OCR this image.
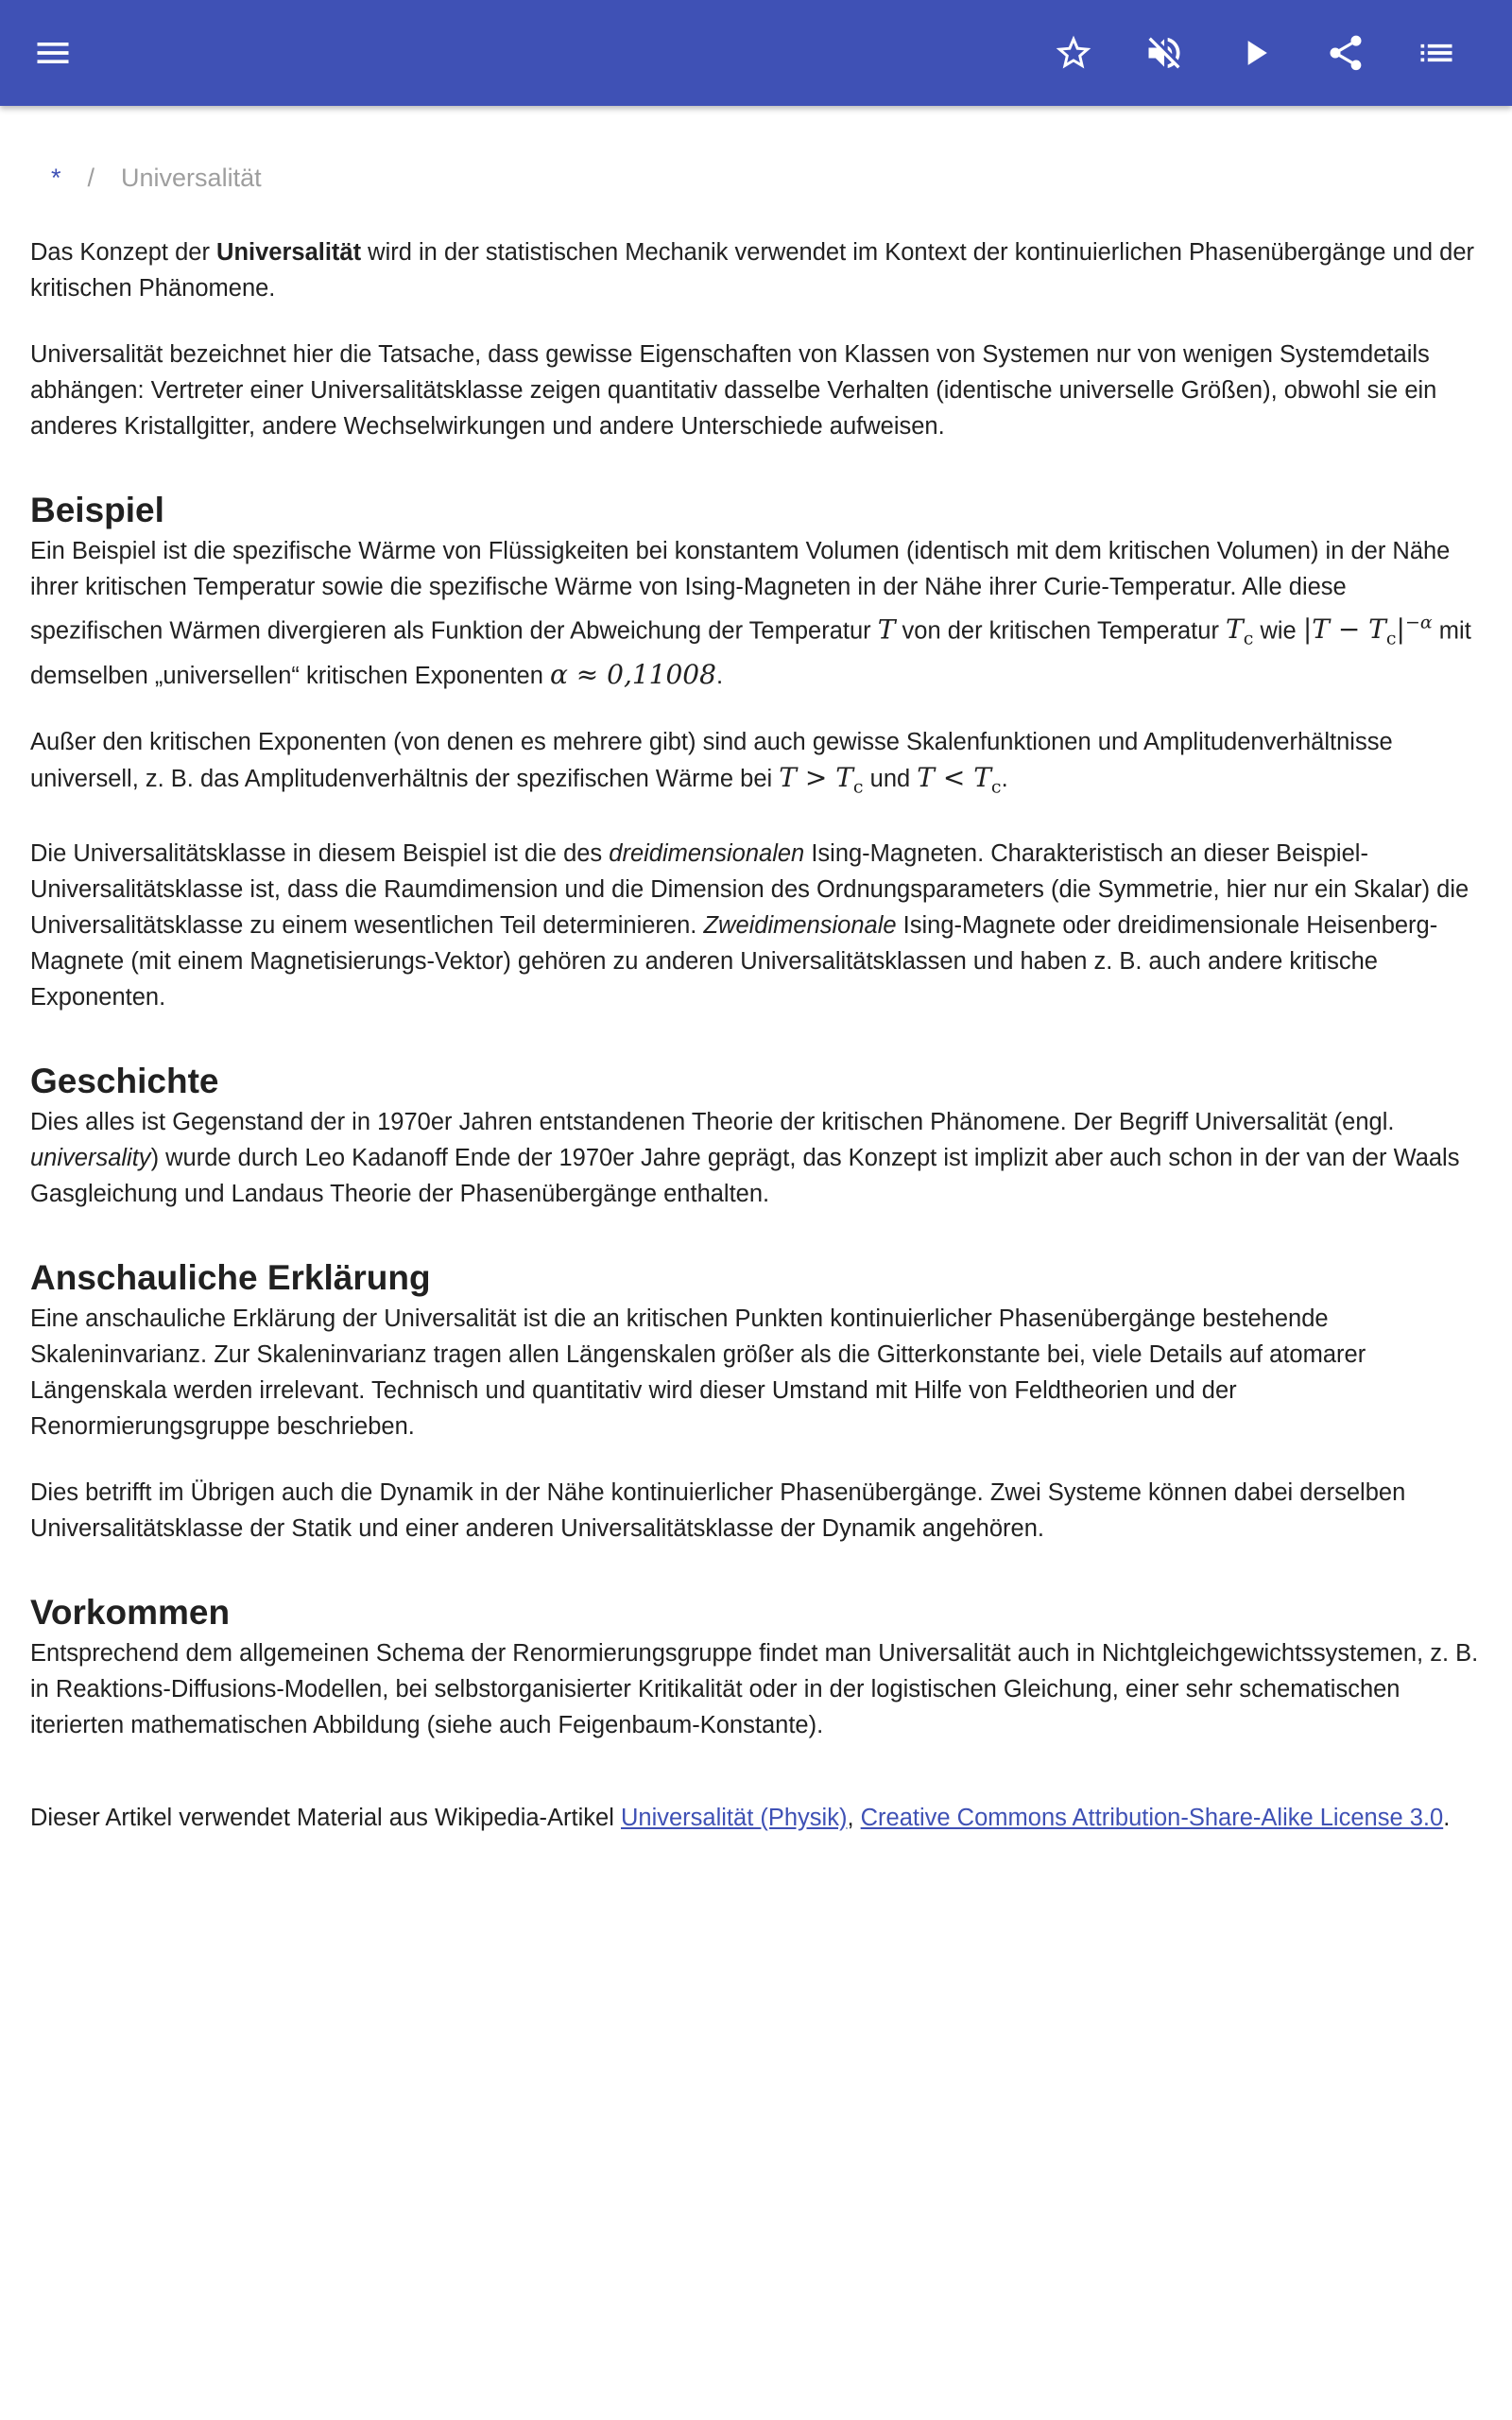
* / Universalität

Das Konzept der Universalität wird in der statistischen Mechanik verwendet im Kontext der kontinuierlichen Phasenübergänge und der kritischen Phänomene.

Universalität bezeichnet hier die Tatsache, dass gewisse Eigenschaften von Klassen von Systemen nur von wenigen Systemdetails abhängen: Vertreter einer Universalitätsklasse zeigen quantitativ dasselbe Verhalten (identische universelle Größen), obwohl sie ein anderes Kristallgitter, andere Wechselwirkungen und andere Unterschiede aufweisen.

Beispiel

Ein Beispiel ist die spezifische Wärme von Flüssigkeiten bei konstantem Volumen (identisch mit dem kritischen Volumen) in der Nähe ihrer kritischen Temperatur sowie die spezifische Wärme von Ising-Magneten in der Nähe ihrer Curie-Temperatur. Alle diese spezifischen Wärmen divergieren als Funktion der Abweichung der Temperatur T von der kritischen Temperatur $T_c$ wie $|T - T_c|^{-\alpha}$ mit demselben „universellen“ kritischen Exponenten α ≈ 0,11008.

Außer den kritischen Exponenten (von denen es mehrere gibt) sind auch gewisse Skalenfunktionen und Amplitudenverhältnisse universell, z. B. das Amplitudenverhältnis der spezifischen Wärme bei $T > T_c$ und $T < T_c$.

Die Universalitätsklasse in diesem Beispiel ist die des dreidimensionalen Ising-Magneten. Charakteristisch an dieser Beispiel-Universalitätsklasse ist, dass die Raumdimension und die Dimension des Ordnungsparameters (die Symmetrie, hier nur ein Skalar) die Universalitätsklasse zu einem wesentlichen Teil determinieren. Zweidimensionale Ising-Magnete oder dreidimensionale Heisenberg-Magnete (mit einem Magnetisierungs-Vektor) gehören zu anderen Universalitätsklassen und haben z. B. auch andere kritische Exponenten.

Geschichte

Dies alles ist Gegenstand der in 1970er Jahren entstandenen Theorie der kritischen Phänomene. Der Begriff Universalität (engl. universality) wurde durch Leo Kadanoff Ende der 1970er Jahre geprägt, das Konzept ist implizit aber auch schon in der van der Waals Gasgleichung und Landaus Theorie der Phasenübergänge enthalten.

Anschauliche Erklärung

Eine anschauliche Erklärung der Universalität ist die an kritischen Punkten kontinuierlicher Phasenübergänge bestehende Skaleninvarianz. Zur Skaleninvarianz tragen allen Längenskalen größer als die Gitterkonstante bei, viele Details auf atomarer Längenskala werden irrelevant. Technisch und quantitativ wird dieser Umstand mit Hilfe von Feldtheorien und der Renormierungsgruppe beschrieben.

Dies betrifft im Übrigen auch die Dynamik in der Nähe kontinuierlicher Phasenübergänge. Zwei Systeme können dabei derselben Universalitätsklasse der Statik und einer anderen Universalitätsklasse der Dynamik angehören.

Vorkommen

Entsprechend dem allgemeinen Schema der Renormierungsgruppe findet man Universalität auch in Nichtgleichgewichtssystemen, z. B. in Reaktions-Diffusions-Modellen, bei selbstorganisierter Kritikalität oder in der logistischen Gleichung, einer sehr schematischen iterierten mathematischen Abbildung (siehe auch Feigenbaum-Konstante).

Dieser Artikel verwendet Material aus Wikipedia-Artikel Universalität (Physik), Creative Commons Attribution-Share-Alike License 3.0.
